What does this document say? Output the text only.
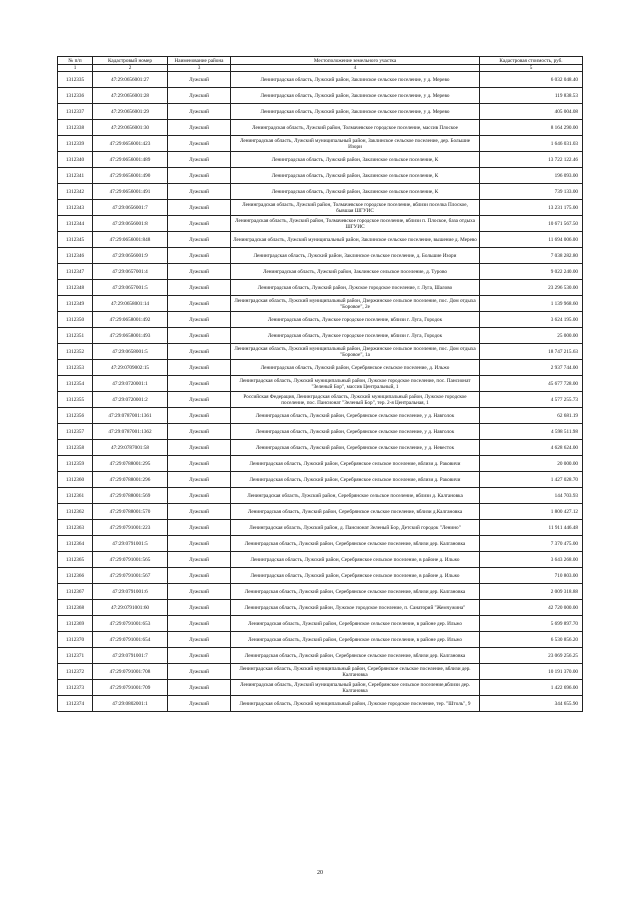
№ п/п	Кадастровый номер	Наименование района	Местоположение земельного участка	Кадастровая стоимость, руб.
1	2	3	4	5
1312335	47:29:0656001:27	Лужский	Ленинградская область, Лужский район, Заклинское сельское поселение, у д. Мерево	6 032 048.40
1312336	47:29:0656001:28	Лужский	Ленинградская область, Лужский район, Заклинское сельское поселение, у д. Мерево	119 838.53
1312337	47:29:0656001:29	Лужский	Ленинградская область, Лужский район, Заклинское сельское поселение, у д. Мерево	405 004.08
1312338	47:29:0656001:30	Лужский	Ленинградская область, Лужский район, Толмачевское городское поселение, массив Плоское	8 164 290.00
1312339	47:29:0656001:423	Лужский	Ленинградская область, Лужский муниципальный район, Заклинское сельское поселение, дер. Большие Изори	1 646 031.03
1312340	47:29:0656001:489	Лужский	Ленинградская область, Лужский район, Заклинское сельское поселение, К	13 722 122.46
1312341	47:29:0656001:490	Лужский	Ленинградская область, Лужский район, Заклинское сельское поселение, К	196 093.00
1312342	47:29:0656001:491	Лужский	Ленинградская область, Лужский район, Заклинское сельское поселение, К	739 133.00
1312343	47:29:0656001:7	Лужский	Ленинградская область, Лужский район, Толмачевское городское поселение, вблизи поселка Плоское, бывшая ШГУИС	13 231 175.00
1312344	47:29:0656001:8	Лужский	Ленинградская область, Лужский район, Толмачевское городское поселение, вблизи п. Плоское, база отдыха ШГУИС	10 671 567.50
1312345	47:29:0656001:848	Лужский	Ленинградская область, Лужский муниципальный район, Заклинское сельское поселение, вышение д. Мерево	11 694 006.00
1312346	47:29:0656001:9	Лужский	Ленинградская область, Лужский район, Заклинское сельское поселение, д. Большие Изори	7 038 282.80
1312347	47:29:0657001:4	Лужский	Ленинградская область, Лужский район, Заклинское сельское поселение, д. Турово	9 022 240.00
1312348	47:29:0657001:5	Лужский	Ленинградская область, Лужский район, Лужское городское поселение, г. Луга, Шалово	23 296 530.00
1312349	47:29:0658001:14	Лужский	Ленинградская область, Лужский муниципальный район, Дзержинское сельское поселение, пос. Дом отдыха "Боровое", 2е	1 139 968.60
1312350	47:29:0658001:492	Лужский	Ленинградская область, Лужское городское поселение, вблизи г. Луга, Городок	3 624 195.00
1312351	47:29:0658001:493	Лужский	Ленинградская область, Лужское городское поселение, вблизи г. Луга, Городок	25 000.00
1312352	47:29:0658001:5	Лужский	Ленинградская область, Лужский муниципальный район, Дзержинское сельское поселение, пос. Дом отдыха "Боровое", 1а	18 747 215.63
1312353	47:29:0709002:15	Лужский	Ленинградская область, Лужский район, Серебрянское сельское поселение, д. Ильжо	2 937 744.00
1312354	47:29:0720001:1	Лужский	Ленинградская область, Лужский муниципальный район, Лужское городское поселение, пос. Пансионат "Зеленый Бор", массив Центральный, 1	45 677 728.00
1312355	47:29:0720001:2	Лужский	Российская Федерация, Ленинградская область, Лужский муниципальный район, Лужское городское поселение, пос. Пансионат "Зеленый Бор", тер. 2-я Центральная, 1	4 577 255.73
1312356	47:29:0787001:1361	Лужский	Ленинградская область, Лужский район, Серебрянское сельское поселение, у д. Навголок	62 681.19
1312357	47:29:0787001:1362	Лужский	Ленинградская область, Лужский район, Серебрянское сельское поселение, у д. Навголок	4 598 511.98
1312358	47:29:0787001:58	Лужский	Ленинградская область, Лужский район, Серебрянское сельское поселение, у д. Невесток	4 628 624.00
1312359	47:29:0788001:295	Лужский	Ленинградская область, Лужский район, Серебрянское сельское поселение, вблизи д. Раковичи	20 000.00
1312360	47:29:0788001:296	Лужский	Ленинградская область, Лужский район, Серебрянское сельское поселение, вблизи д. Раковичи	1 427 028.70
1312361	47:29:0788001:569	Лужский	Ленинградская область, Лужский район, Серебрянское сельское поселение, вблизи д. Калгановка	144 703.93
1312362	47:29:0788001:570	Лужский	Ленинградская область, Лужский район, Серебрянское сельское поселение, вблизи д.Калгановка	1 800 427.12
1312363	47:29:0791001:223	Лужский	Ленинградская область, Лужский район, д. Пансионат Зеленый Бор, Детский городок "Ленино"	11 911 446.48
1312364	47:29:0791001:5	Лужский	Ленинградская область, Лужский район, Серебрянское сельское поселение, вблизи дер. Калгановка	7 370 475.00
1312365	47:29:0791001:565	Лужский	Ленинградская область, Лужский район, Серебрянское сельское поселение, в районе д. Ильжо	3 643 268.00
1312366	47:29:0791001:567	Лужский	Ленинградская область, Лужский район, Серебрянское сельское поселение, в районе д. Ильжо	710 803.00
1312367	47:29:0791001:6	Лужский	Ленинградская область, Лужский район, Серебрянское сельское поселение, вблизи дер. Калгановка	2 009 318.88
1312368	47:29:0791001:60	Лужский	Ленинградская область, Лужский район, Лужское городское поселение, п. Санаторий "Жемчужина"	42 720 000.00
1312369	47:29:0791001:653	Лужский	Ленинградская область, Лужский район, Серебрянское сельское поселение, в районе дер. Ильжо	5 699 897.70
1312370	47:29:0791001:654	Лужский	Ленинградская область, Лужский район, Серебрянское сельское поселение, в районе дер. Ильжо	6 530 856.20
1312371	47:29:0791001:7	Лужский	Ленинградская область, Лужский район, Серебрянское сельское поселение, вблизи дер. Калгановка	23 069 256.25
1312372	47:29:0791001:708	Лужский	Ленинградская область, Лужский муниципальный район, Серебрянское сельское поселение, вблизи дер. Калгановка	10 191 370.00
1312373	47:29:0791001:709	Лужский	Ленинградская область, Лужский муниципальный район, Серебрянское сельское поселение,вблизи дер. Калгановка	1 422 696.00
1312374	47:29:0802001:1	Лужский	Ленинградская область, Лужский муниципальный район, Лужское городское поселение, тер. "Штоль", 9	344 655.90
20
